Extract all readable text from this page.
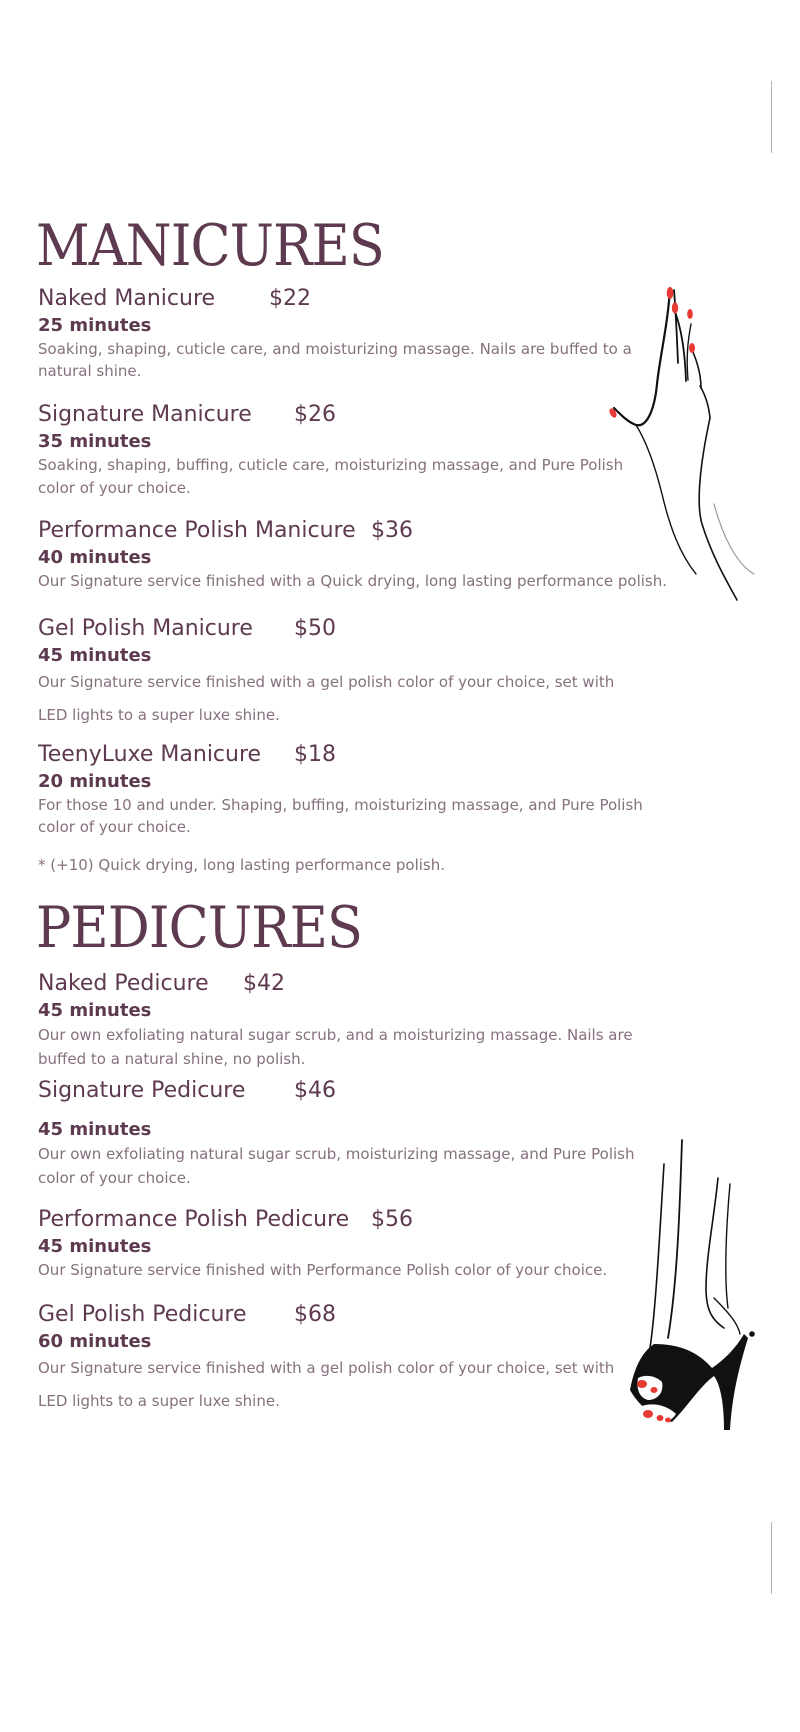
MANICURES
Naked Manicure $22
25 minutes

Soaking, shaping, cuticle care, and moisturizing massage. Nails are buffed to a natural shine.

Signature Manicure $26
35 minutes

Soaking, shaping, buffing, cuticle care, moisturizing massage, and Pure Polish color of your choice.

Performance Polish Manicure $36
40 minutes

Our Signature service finished with a Quick drying, long lasting performance polish.

Gel Polish Manicure $50
45 minutes

Our Signature service finished with a gel polish color of your choice, set with LED lights to a super luxe shine.

TeenyLuxe Manicure $18
20 minutes

For those 10 and under. Shaping, buffing, moisturizing massage, and Pure Polish color of your choice.

* (+10) Quick drying, long lasting performance polish.
PEDICURES
Naked Pedicure $42
45 minutes

Our own exfoliating natural sugar scrub, and a moisturizing massage. Nails are buffed to a natural shine, no polish.

Signature Pedicure $46
45 minutes

Our own exfoliating natural sugar scrub, moisturizing massage, and Pure Polish color of your choice.

Performance Polish Pedicure $56
45 minutes

Our Signature service finished with Performance Polish color of your choice.

Gel Polish Pedicure $68
60 minutes

Our Signature service finished with a gel polish color of your choice, set with LED lights to a super luxe shine.
